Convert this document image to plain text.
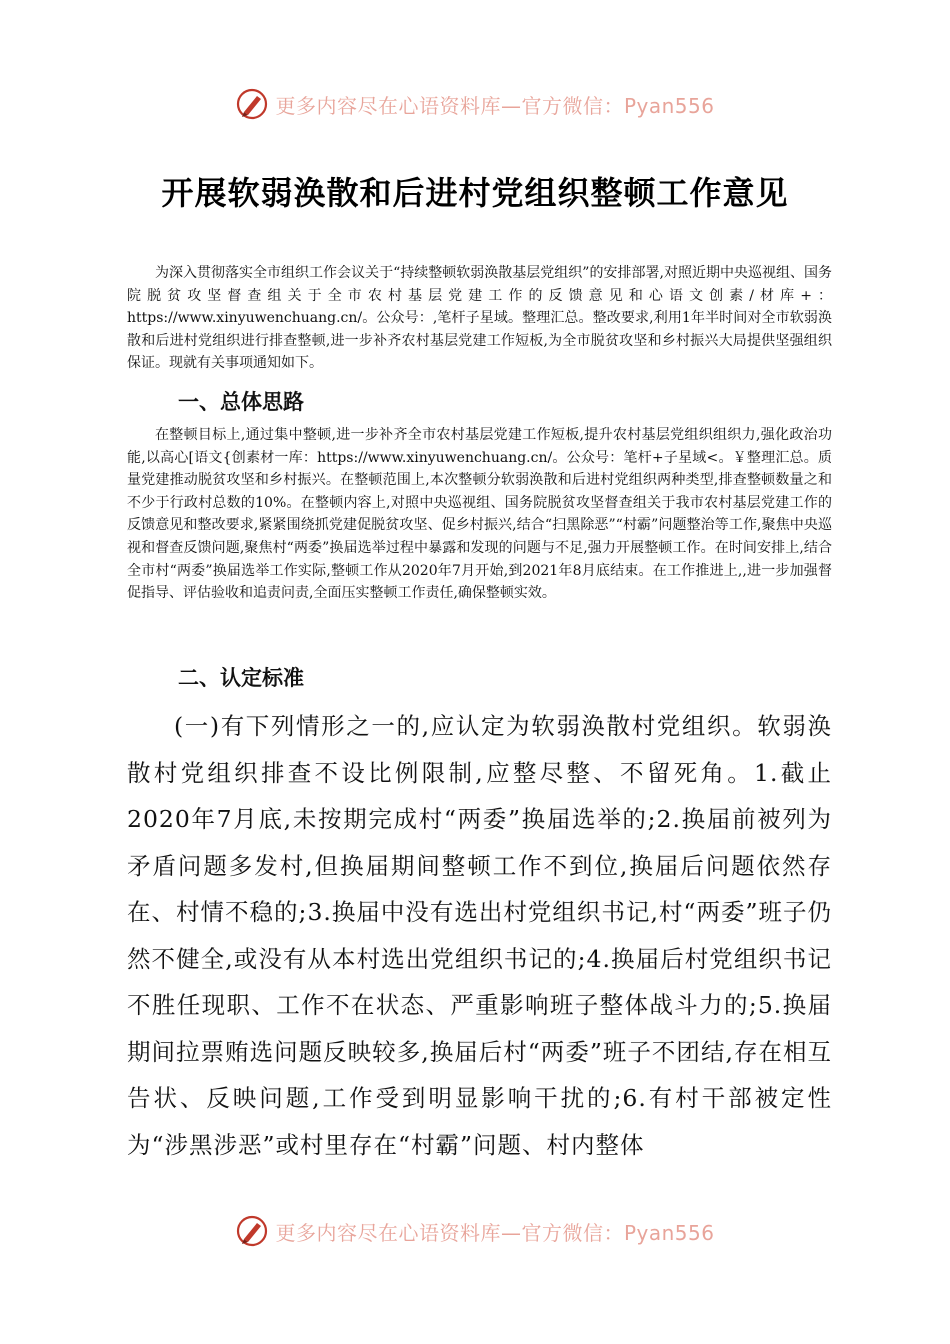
更多内容尽在心语资料库—官方微信：Pyan556
开展软弱涣散和后进村党组织整顿工作意见

为深入贯彻落实全市组织工作会议关于“持续整顿软弱涣散基层党组织”的安排部署,对照近期中央巡视组、国务院脱贫攻坚督查组关于全市农村基层党建工作的反馈意见和心语文创素/材库+：https://www.xinyuwenchuang.cn/。公众号：,笔杆子星域。整理汇总。整改要求,利用1年半时间对全市软弱涣散和后进村党组织进行排查整顿,进一步补齐农村基层党建工作短板,为全市脱贫攻坚和乡村振兴大局提供坚强组织保证。现就有关事项通知如下。

一、总体思路

在整顿目标上,通过集中整顿,进一步补齐全市农村基层党建工作短板,提升农村基层党组织组织力,强化政治功能,以高心[语文{创素材一库：https://www.xinyuwenchuang.cn/。公众号：笔杆+子星域<。￥整理汇总。质量党建推动脱贫攻坚和乡村振兴。在整顿范围上,本次整顿分软弱涣散和后进村党组织两种类型,排查整顿数量之和不少于行政村总数的10%。在整顿内容上,对照中央巡视组、国务院脱贫攻坚督查组关于我市农村基层党建工作的反馈意见和整改要求,紧紧围绕抓党建促脱贫攻坚、促乡村振兴,结合“扫黑除恶”“村霸”问题整治等工作,聚焦中央巡视和督查反馈问题,聚焦村“两委”换届选举过程中暴露和发现的问题与不足,强力开展整顿工作。在时间安排上,结合全市村“两委”换届选举工作实际,整顿工作从2020年7月开始,到2021年8月底结束。在工作推进上,,进一步加强督促指导、评估验收和追责问责,全面压实整顿工作责任,确保整顿实效。

二、认定标准

(一)有下列情形之一的,应认定为软弱涣散村党组织。软弱涣散村党组织排查不设比例限制,应整尽整、不留死角。1.截止2020年7月底,未按期完成村“两委”换届选举的;2.换届前被列为矛盾问题多发村,但换届期间整顿工作不到位,换届后问题依然存在、村情不稳的;3.换届中没有选出村党组织书记,村“两委”班子仍然不健全,或没有从本村选出党组织书记的;4.换届后村党组织书记不胜任现职、工作不在状态、严重影响班子整体战斗力的;5.换届期间拉票贿选问题反映较多,换届后村“两委”班子不团结,存在相互告状、反映问题,工作受到明显影响干扰的;6.有村干部被定性为“涉黑涉恶”或村里存在“村霸”问题、村内整体

更多内容尽在心语资料库—官方微信：Pyan556
